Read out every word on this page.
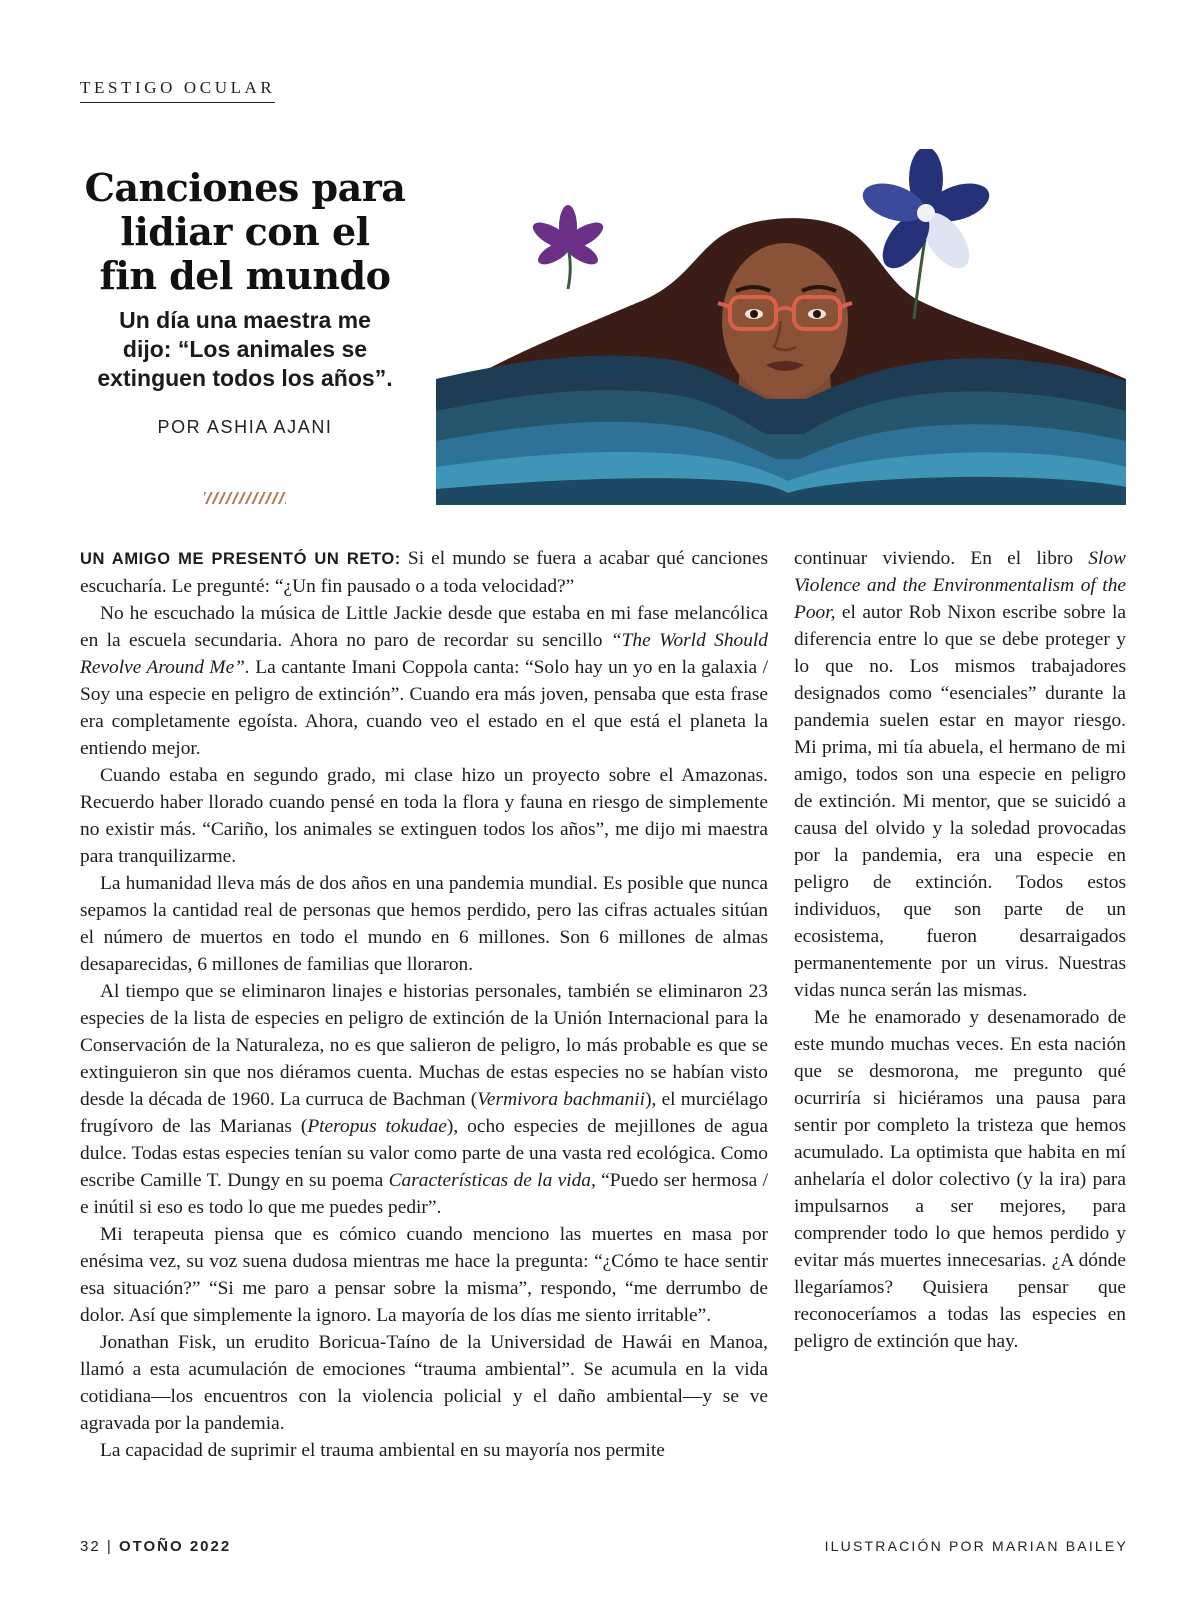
TESTIGO OCULAR
Canciones para
lidiar con el
fin del mundo

Un día una maestra me
dijo: “Los animales se
extinguen todos los años”.

POR ASHIA AJANI

UN AMIGO ME PRESENTÓ UN RETO: Si el mundo se fuera a acabar qué canciones escucharía. Le pregunté: “¿Un fin pausado o a toda velocidad?”

No he escuchado la música de Little Jackie desde que estaba en mi fase melancólica en la escuela secundaria. Ahora no paro de recordar su sencillo “The World Should Revolve Around Me”. La cantante Imani Coppola canta: “Solo hay un yo en la galaxia / Soy una especie en peligro de extinción”. Cuando era más joven, pensaba que esta frase era completamente egoísta. Ahora, cuando veo el estado en el que está el planeta la entiendo mejor.

Cuando estaba en segundo grado, mi clase hizo un proyecto sobre el Amazonas. Recuerdo haber llorado cuando pensé en toda la flora y fauna en riesgo de simplemente no existir más. “Cariño, los animales se extinguen todos los años”, me dijo mi maestra para tranquilizarme.

La humanidad lleva más de dos años en una pandemia mundial. Es posible que nunca sepamos la cantidad real de personas que hemos perdido, pero las cifras actuales sitúan el número de muertos en todo el mundo en 6 millones. Son 6 millones de almas desaparecidas, 6 millones de familias que lloraron.

Al tiempo que se eliminaron linajes e historias personales, también se eliminaron 23 especies de la lista de especies en peligro de extinción de la Unión Internacional para la Conservación de la Naturaleza, no es que salieron de peligro, lo más probable es que se extinguieron sin que nos diéramos cuenta. Muchas de estas especies no se habían visto desde la década de 1960. La curruca de Bachman (Vermivora bachmanii), el murciélago frugívoro de las Marianas (Pteropus tokudae), ocho especies de mejillones de agua dulce. Todas estas especies tenían su valor como parte de una vasta red ecológica. Como escribe Camille T. Dungy en su poema Características de la vida, “Puedo ser hermosa / e inútil si eso es todo lo que me puedes pedir”.

Mi terapeuta piensa que es cómico cuando menciono las muertes en masa por enésima vez, su voz suena dudosa mientras me hace la pregunta: “¿Cómo te hace sentir esa situación?” “Si me paro a pensar sobre la misma”, respondo, “me derrumbo de dolor. Así que simplemente la ignoro. La mayoría de los días me siento irritable”.

Jonathan Fisk, un erudito Boricua-Taíno de la Universidad de Hawái en Manoa, llamó a esta acumulación de emociones “trauma ambiental”. Se acumula en la vida cotidiana—los encuentros con la violencia policial y el daño ambiental—y se ve agravada por la pandemia.

La capacidad de suprimir el trauma ambiental en su mayoría nos permite

continuar viviendo. En el libro Slow Violence and the Environmentalism of the Poor, el autor Rob Nixon escribe sobre la diferencia entre lo que se debe proteger y lo que no. Los mismos trabajadores designados como “esenciales” durante la pandemia suelen estar en mayor riesgo. Mi prima, mi tía abuela, el hermano de mi amigo, todos son una especie en peligro de extinción. Mi mentor, que se suicidó a causa del olvido y la soledad provocadas por la pandemia, era una especie en peligro de extinción. Todos estos individuos, que son parte de un ecosistema, fueron desarraigados permanentemente por un virus. Nuestras vidas nunca serán las mismas.

Me he enamorado y desenamorado de este mundo muchas veces. En esta nación que se desmorona, me pregunto qué ocurriría si hiciéramos una pausa para sentir por completo la tristeza que hemos acumulado. La optimista que habita en mí anhelaría el dolor colectivo (y la ira) para impulsarnos a ser mejores, para comprender todo lo que hemos perdido y evitar más muertes innecesarias. ¿A dónde llegaríamos? Quisiera pensar que reconoceríamos a todas las especies en peligro de extinción que hay.

32 | OTOÑO 2022	ILUSTRACIÓN POR MARIAN BAILEY
